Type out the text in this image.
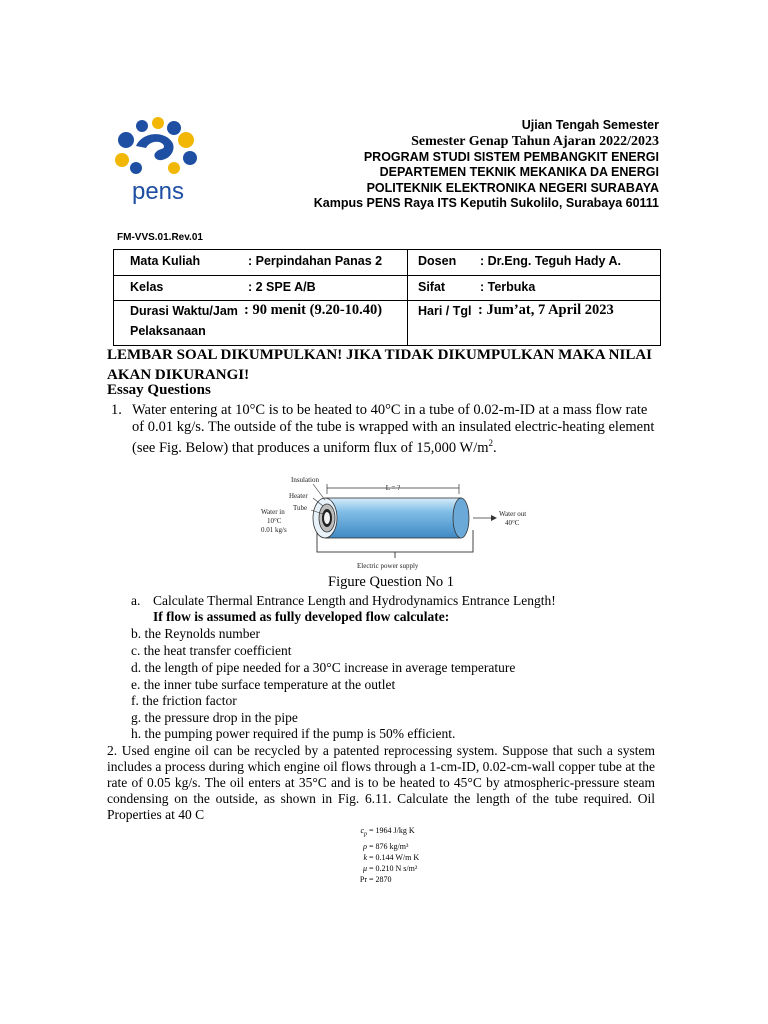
pens
Ujian Tengah Semester
Semester Genap Tahun Ajaran 2022/2023
PROGRAM STUDI SISTEM PEMBANGKIT ENERGI
DEPARTEMEN TEKNIK MEKANIKA DA ENERGI
POLITEKNIK ELEKTRONIKA NEGERI SURABAYA
Kampus PENS Raya ITS Keputih Sukolilo, Surabaya 60111
FM-VVS.01.Rev.01
Mata Kuliah : Perpindahan Panas 2	Dosen : Dr.Eng. Teguh Hady A.

Kelas : 2 SPE A/B	Sifat : Terbuka

Durasi Waktu/Jam
Pelaksanaan
: 90 menit (9.20-10.40)	Hari / Tgl : Jum’at, 7 April 2023
LEMBAR SOAL DIKUMPULKAN! JIKA TIDAK DIKUMPULKAN MAKA NILAI AKAN DIKURANGI!
Essay Questions
1. Water entering at 10°C is to be heated to 40°C in a tube of 0.02-m-ID at a mass flow rate of 0.01 kg/s. The outside of the tube is wrapped with an insulated electric-heating element (see Fig. Below) that produces a uniform flux of 15,000 $W/m^2$.
L = ?
Insulation
Heater
Tube
Water in
10°C
0.01 kg/s
Water out
40°C
Electric power supply
Figure Question No 1
a. Calculate Thermal Entrance Length and Hydrodynamics Entrance Length!
If flow is assumed as fully developed flow calculate:
b. the Reynolds number
c. the heat transfer coefficient
d. the length of pipe needed for a 30°C increase in average temperature
e. the inner tube surface temperature at the outlet
f. the friction factor
g. the pressure drop in the pipe
h. the pumping power required if the pump is 50% efficient.
2. Used engine oil can be recycled by a patented reprocessing system. Suppose that such a system includes a process during which engine oil flows through a 1-cm-ID, 0.02-cm-wall copper tube at the rate of 0.05 kg/s. The oil enters at 35°C and is to be heated to 45°C by atmospheric-pressure steam condensing on the outside, as shown in Fig. 6.11. Calculate the length of the tube required. Oil Properties at 40 C
$c_p = 1964$ J/kg K
ρ = 876 kg/m³
k = 0.144 W/m K
μ = 0.210 N s/m²
Pr = 2870
